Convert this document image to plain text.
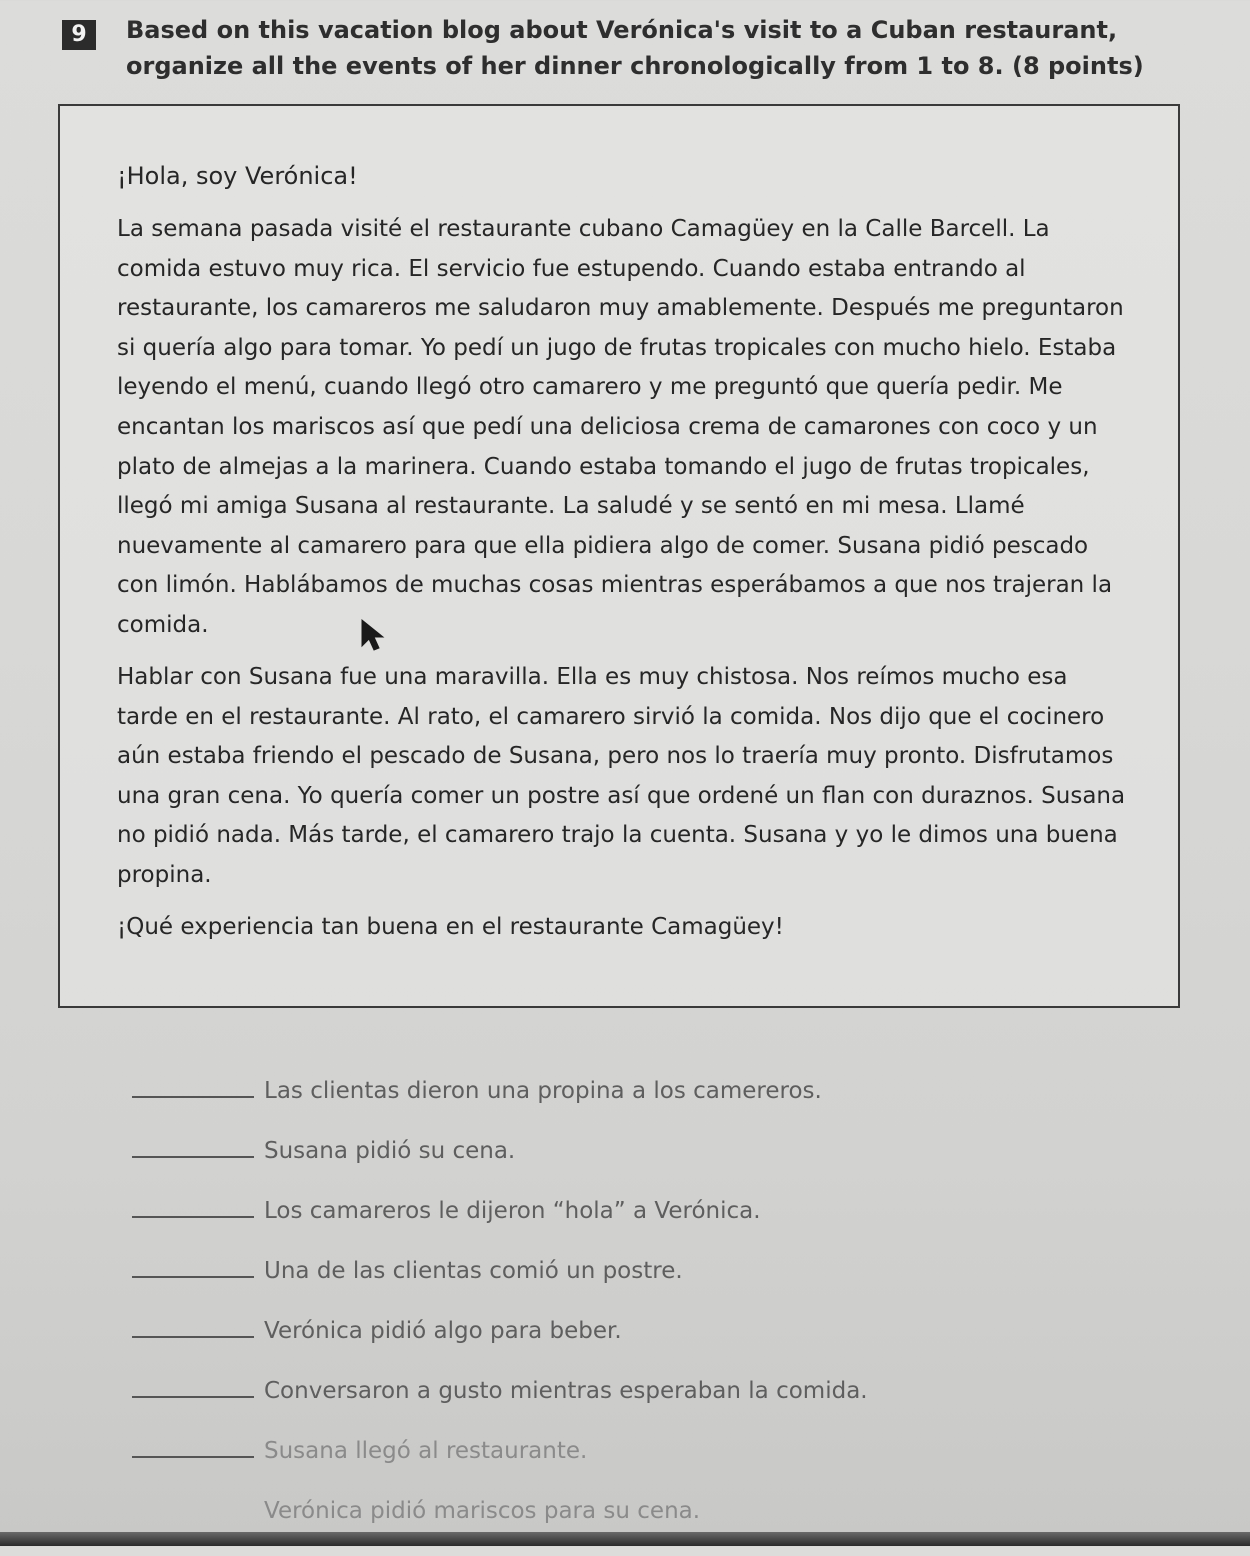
9	Based on this vacation blog about Verónica's visit to a Cuban restaurant, organize all the events of her dinner chronologically from 1 to 8. (8 points)
¡Hola, soy Verónica!

La semana pasada visité el restaurante cubano Camagüey en la Calle Barcell. La comida estuvo muy rica. El servicio fue estupendo. Cuando estaba entrando al restaurante, los camareros me saludaron muy amablemente. Después me preguntaron si quería algo para tomar. Yo pedí un jugo de frutas tropicales con mucho hielo. Estaba leyendo el menú, cuando llegó otro camarero y me preguntó que quería pedir. Me encantan los mariscos así que pedí una deliciosa crema de camarones con coco y un plato de almejas a la marinera. Cuando estaba tomando el jugo de frutas tropicales, llegó mi amiga Susana al restaurante. La saludé y se sentó en mi mesa. Llamé nuevamente al camarero para que ella pidiera algo de comer. Susana pidió pescado con limón. Hablábamos de muchas cosas mientras esperábamos a que nos trajeran la comida.

Hablar con Susana fue una maravilla. Ella es muy chistosa. Nos reímos mucho esa tarde en el restaurante. Al rato, el camarero sirvió la comida. Nos dijo que el cocinero aún estaba friendo el pescado de Susana, pero nos lo traería muy pronto. Disfrutamos una gran cena. Yo quería comer un postre así que ordené un flan con duraznos. Susana no pidió nada. Más tarde, el camarero trajo la cuenta. Susana y yo le dimos una buena propina.

¡Qué experiencia tan buena en el restaurante Camagüey!
Las clientas dieron una propina a los camereros.
Susana pidió su cena.
Los camareros le dijeron “hola” a Verónica.
Una de las clientas comió un postre.
Verónica pidió algo para beber.
Conversaron a gusto mientras esperaban la comida.
Susana llegó al restaurante.
Verónica pidió mariscos para su cena.
